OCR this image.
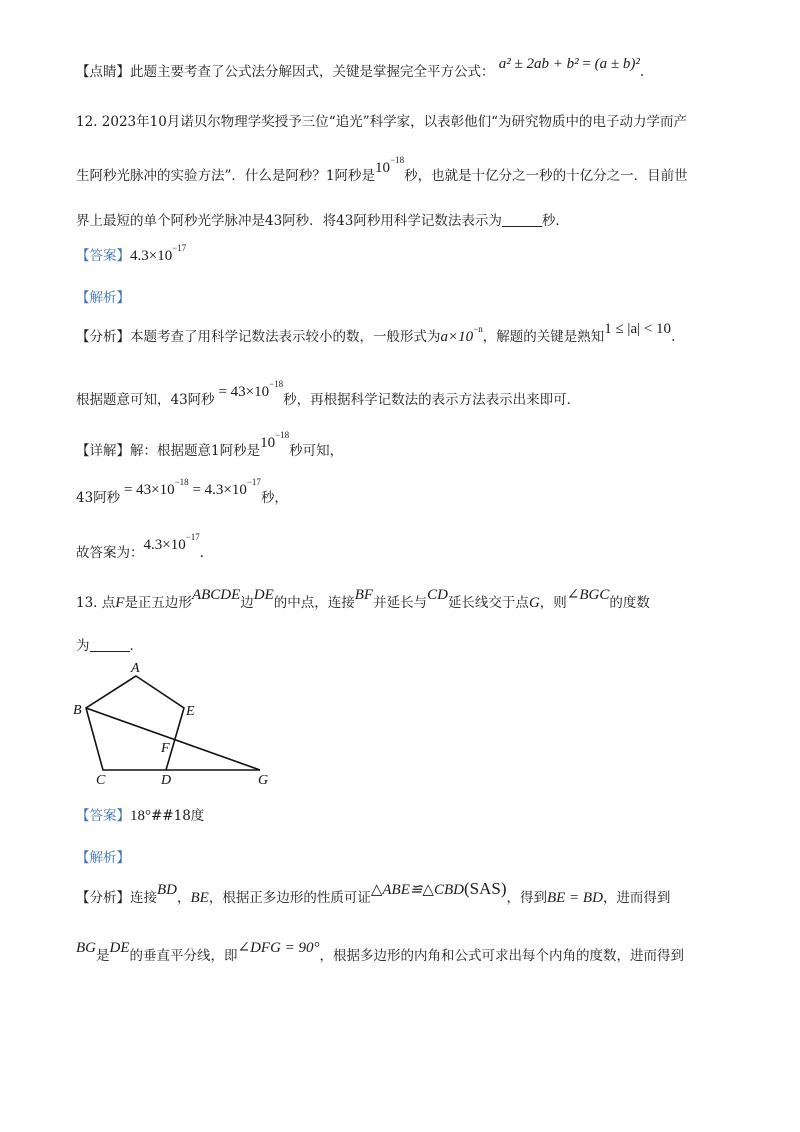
【点睛】此题主要考查了公式法分解因式，关键是掌握完全平方公式： a² ± 2ab + b² = (a ± b)².
12. 2023年10月诺贝尔物理学奖授予三位“追光”科学家，以表彰他们“为研究物质中的电子动力学而产
生阿秒光脉冲的实验方法”．什么是阿秒？1阿秒是$10^{-18}$秒，也就是十亿分之一秒的十亿分之一．目前世
界上最短的单个阿秒光学脉冲是43阿秒．将43阿秒用科学记数法表示为	秒．
【答案】$4.3\times 10^{-17}$
【解析】
【分析】本题考查了用科学记数法表示较小的数，一般形式为$a\times 10^{-n}$，解题的关键是熟知1 ≤ |a| < 10.
根据题意可知，43阿秒 = $43\times 10^{-18}$秒，再根据科学记数法的表示方法表示出来即可．
【详解】解：根据题意1阿秒是$10^{-18}$秒可知，
43阿秒 = $43\times 10^{-18} = 4.3\times 10^{-17}$秒，
故答案为：$4.3\times 10^{-17}$．
13. 点F是正五边形ABCDE边DE的中点，连接BF并延长与CD延长线交于点G，则∠BGC的度数
为	．
A
B	E
F
C	D	G
【答案】18°##18度
【解析】
【分析】连接BD，BE，根据正多边形的性质可证△ABE≌△CBD(SAS)，得到BE = BD，进而得到
BG是DE的垂直平分线，即∠DFG = 90°，根据多边形的内角和公式可求出每个内角的度数，进而得到
